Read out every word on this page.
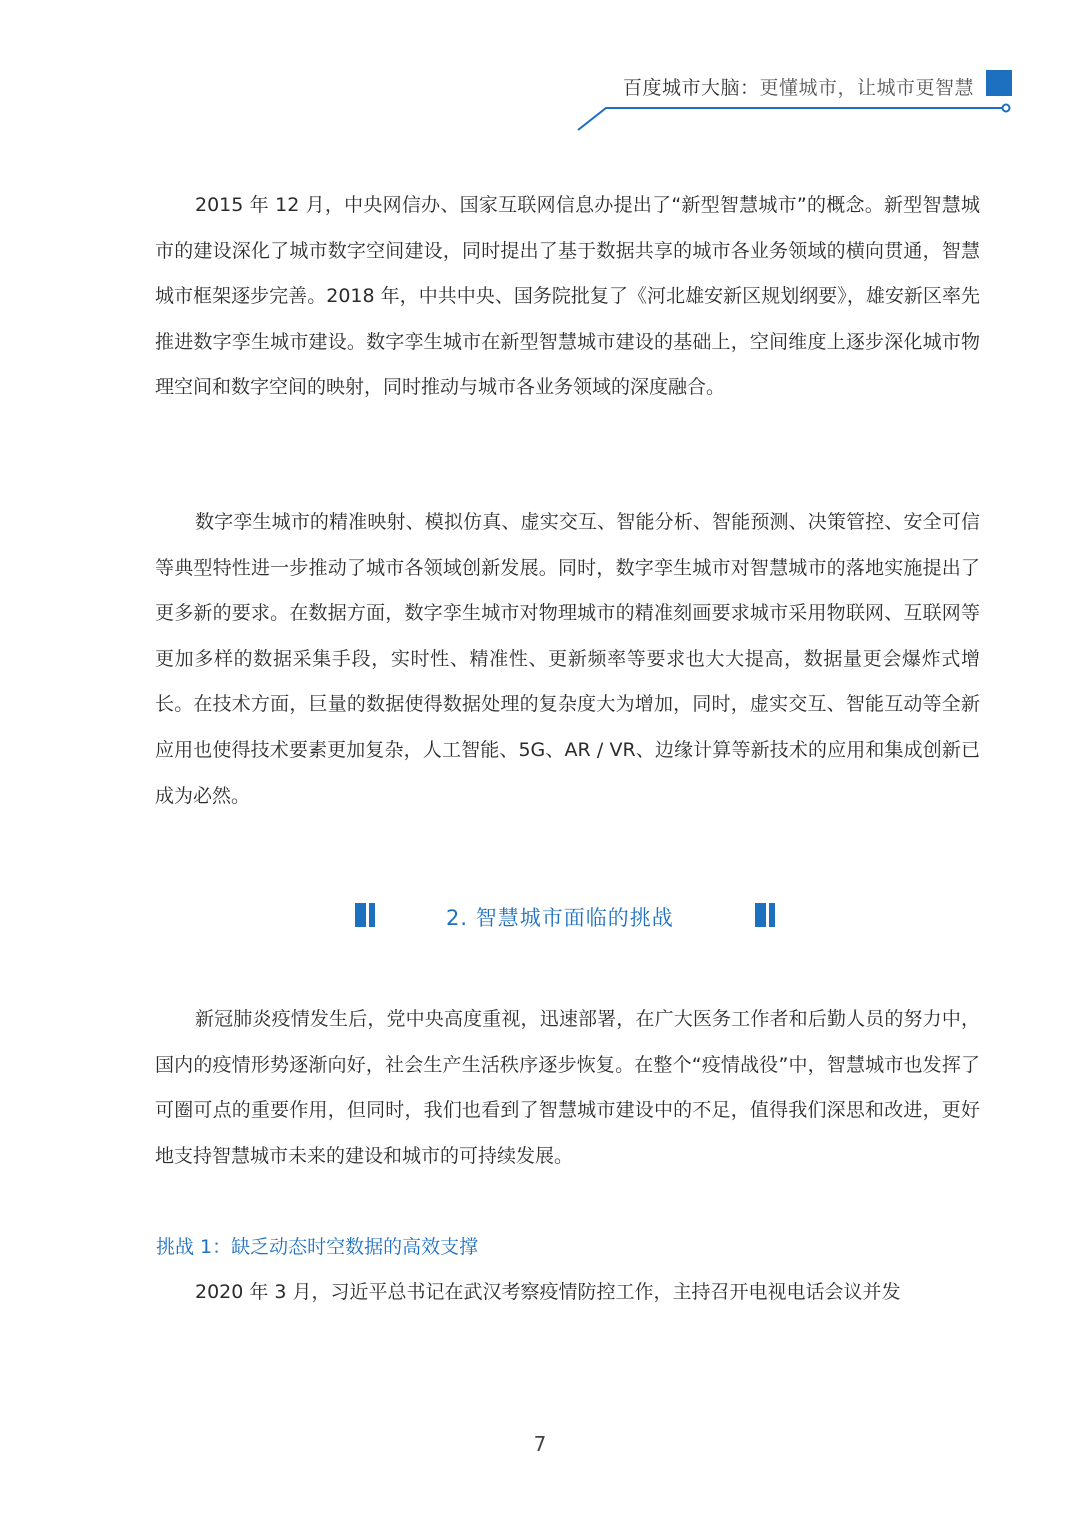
百度城市大脑：更懂城市，让城市更智慧

2015 年 12 月，中央网信办、国家互联网信息办提出了“新型智慧城市”的概念。新型智慧城市的建设深化了城市数字空间建设，同时提出了基于数据共享的城市各业务领域的横向贯通，智慧城市框架逐步完善。2018 年，中共中央、国务院批复了《河北雄安新区规划纲要》，雄安新区率先推进数字孪生城市建设。数字孪生城市在新型智慧城市建设的基础上，空间维度上逐步深化城市物理空间和数字空间的映射，同时推动与城市各业务领域的深度融合。

数字孪生城市的精准映射、模拟仿真、虚实交互、智能分析、智能预测、决策管控、安全可信等典型特性进一步推动了城市各领域创新发展。同时，数字孪生城市对智慧城市的落地实施提出了更多新的要求。在数据方面，数字孪生城市对物理城市的精准刻画要求城市采用物联网、互联网等更加多样的数据采集手段，实时性、精准性、更新频率等要求也大大提高，数据量更会爆炸式增长。在技术方面，巨量的数据使得数据处理的复杂度大为增加，同时，虚实交互、智能互动等全新应用也使得技术要素更加复杂，人工智能、5G、AR / VR、边缘计算等新技术的应用和集成创新已成为必然。

2. 智慧城市面临的挑战

新冠肺炎疫情发生后，党中央高度重视，迅速部署，在广大医务工作者和后勤人员的努力中，国内的疫情形势逐渐向好，社会生产生活秩序逐步恢复。在整个“疫情战役”中，智慧城市也发挥了可圈可点的重要作用，但同时，我们也看到了智慧城市建设中的不足，值得我们深思和改进，更好地支持智慧城市未来的建设和城市的可持续发展。

挑战 1：缺乏动态时空数据的高效支撑

2020 年 3 月，习近平总书记在武汉考察疫情防控工作，主持召开电视电话会议并发

7
